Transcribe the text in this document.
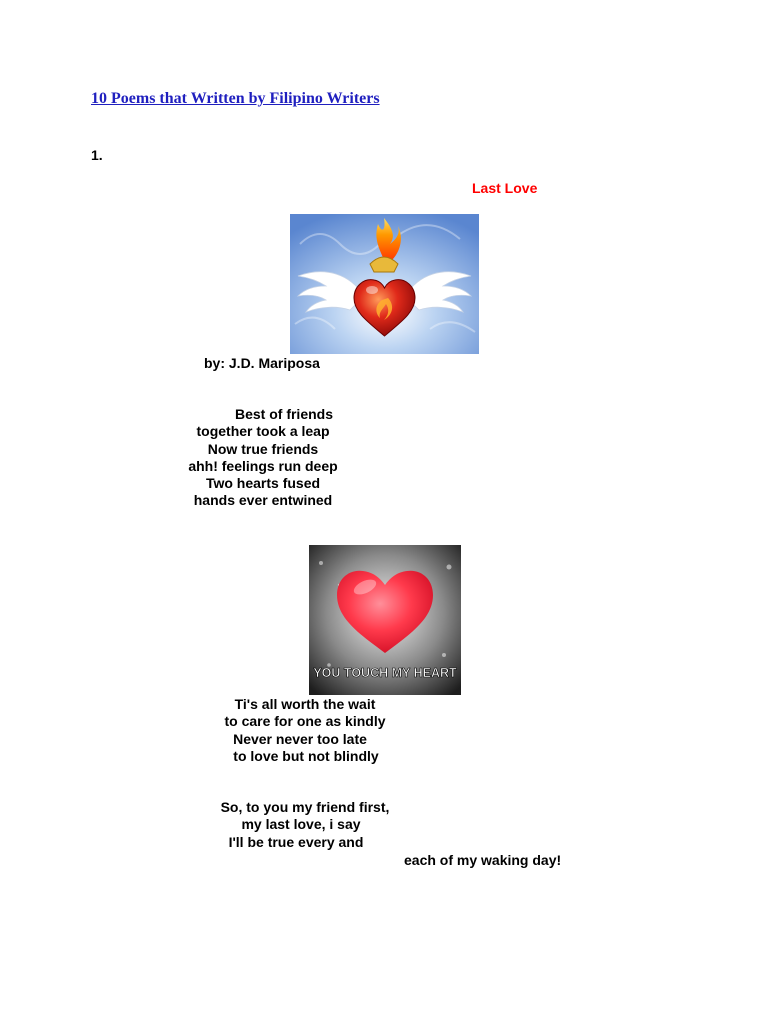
10 Poems that Written by Filipino Writers
1.
Last Love
by: J.D. Mariposa
Best of friends
together took a leap
Now true friends
ahh! feelings run deep
Two hearts fused
hands ever entwined
YOU TOUCH MY HEART
Ti's all worth the wait
to care for one as kindly
Never never too late
to love but not blindly
So, to you my friend first,
my last love, i say
I'll be true every and
each of my waking day!
